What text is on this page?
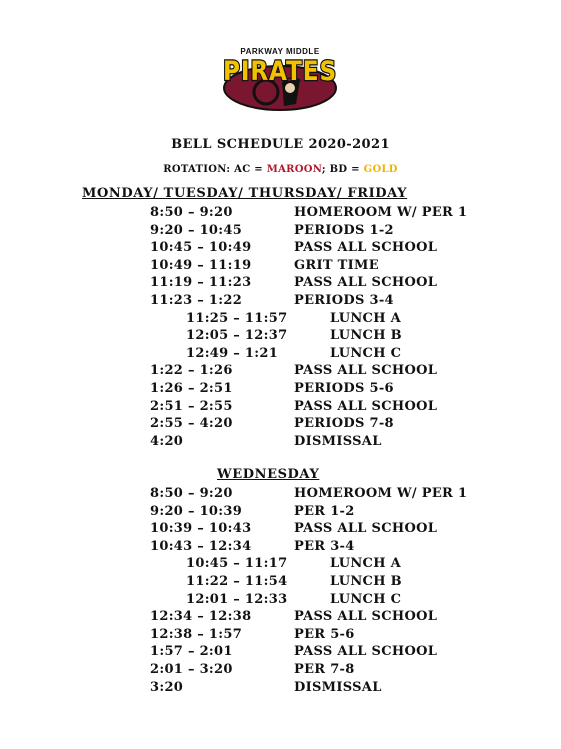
PARKWAY MIDDLE
PIRATES
BELL SCHEDULE 2020-2021
ROTATION: AC = MAROON; BD = GOLD
MONDAY/ TUESDAY/ THURSDAY/ FRIDAY
8:50 – 9:20	HOMEROOM W/ PER 1
9:20 – 10:45	PERIODS 1-2
10:45 – 10:49	PASS ALL SCHOOL
10:49 – 11:19	GRIT TIME
11:19 – 11:23	PASS ALL SCHOOL
11:23 – 1:22	PERIODS 3-4
11:25 – 11:57	LUNCH A
12:05 – 12:37	LUNCH B
12:49 – 1:21	LUNCH C
1:22 – 1:26	PASS ALL SCHOOL
1:26 – 2:51	PERIODS 5-6
2:51 – 2:55	PASS ALL SCHOOL
2:55 – 4:20	PERIODS 7-8
4:20	DISMISSAL
WEDNESDAY
8:50 – 9:20	HOMEROOM W/ PER 1
9:20 – 10:39	PER 1-2
10:39 – 10:43	PASS ALL SCHOOL
10:43 – 12:34	PER 3-4
10:45 – 11:17	LUNCH A
11:22 – 11:54	LUNCH B
12:01 – 12:33	LUNCH C
12:34 – 12:38	PASS ALL SCHOOL
12:38 – 1:57	PER 5-6
1:57 – 2:01	PASS ALL SCHOOL
2:01 – 3:20	PER 7-8
3:20	DISMISSAL
